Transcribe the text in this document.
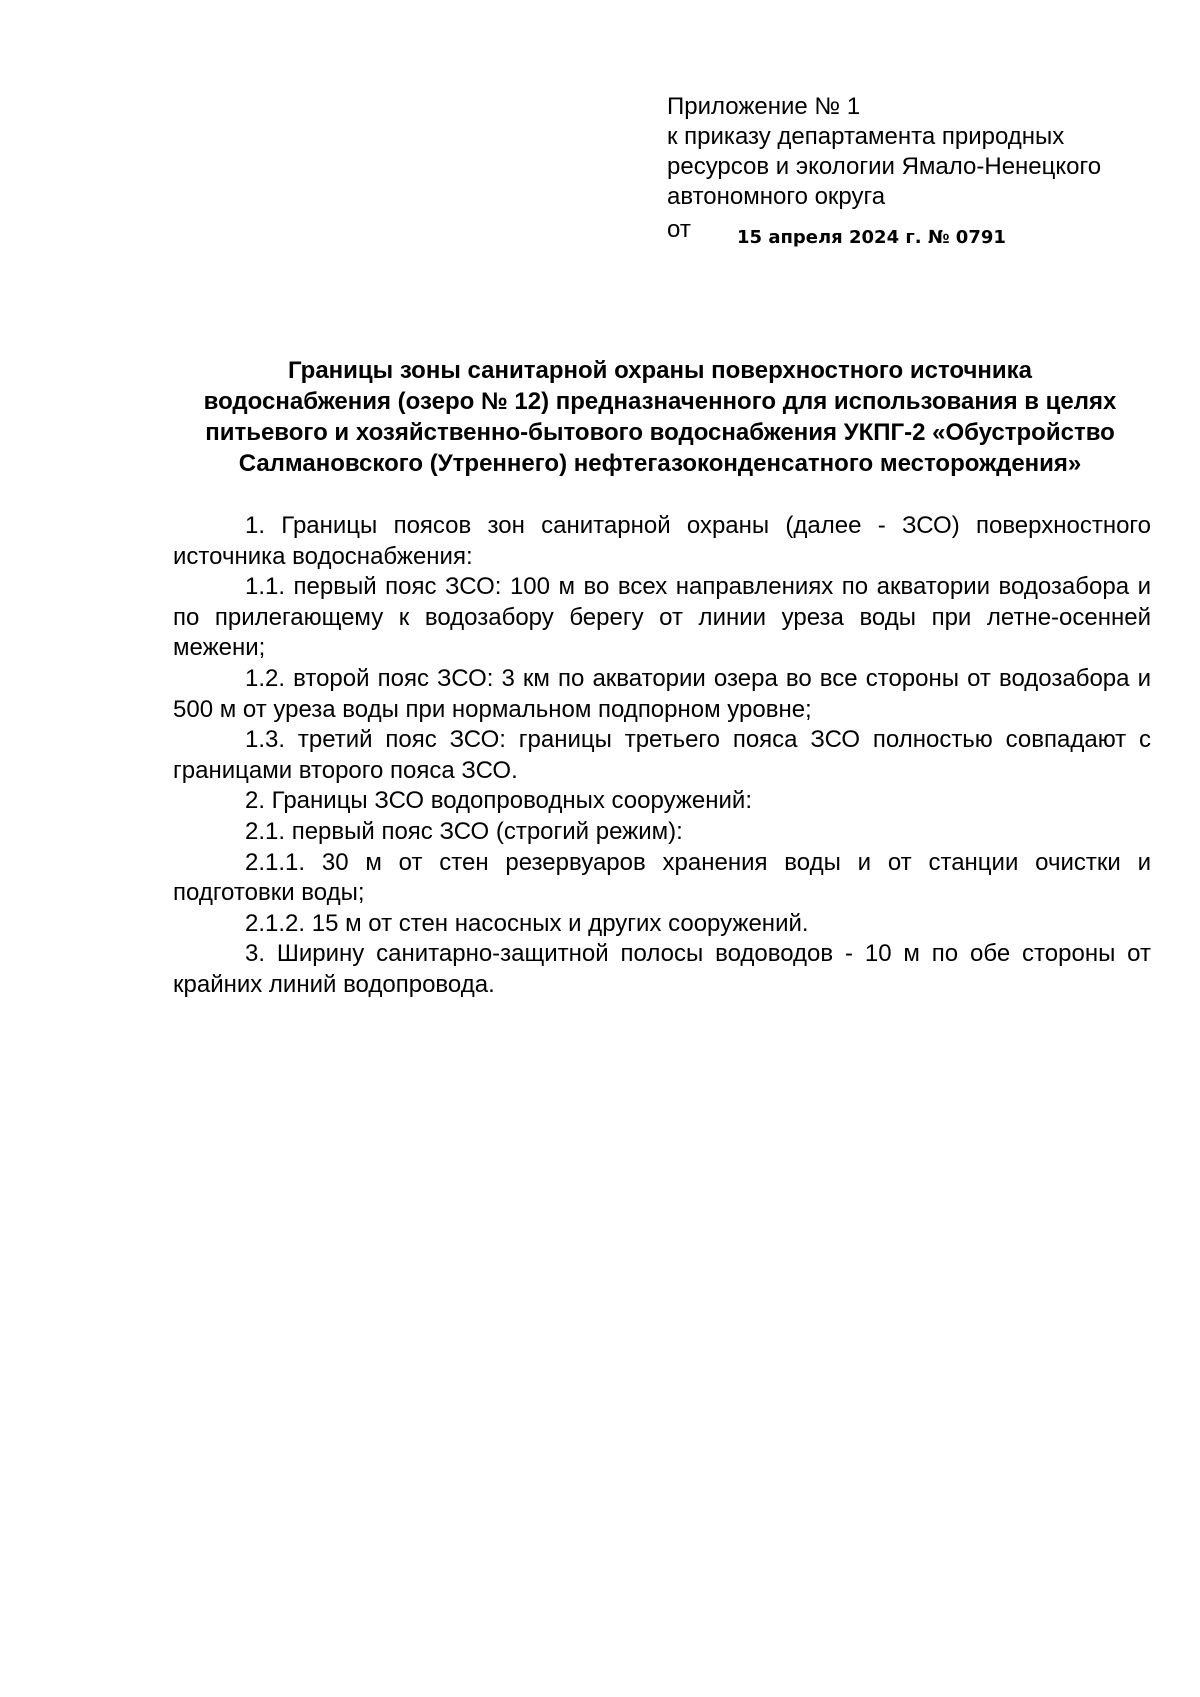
Приложение № 1
к приказу департамента природных
ресурсов и экологии Ямало-Ненецкого
автономного округа
от	15 апреля 2024 г. № 0791
Границы зоны санитарной охраны поверхностного источника
водоснабжения (озеро № 12) предназначенного для использования в целях
питьевого и хозяйственно-бытового водоснабжения УКПГ-2 «Обустройство
Салмановского (Утреннего) нефтегазоконденсатного месторождения»

1. Границы поясов зон санитарной охраны (далее - ЗСО) поверхностного источника водоснабжения:

1.1. первый пояс ЗСО: 100 м во всех направлениях по акватории водозабора и по прилегающему к водозабору берегу от линии уреза воды при летне-осенней межени;

1.2. второй пояс ЗСО: 3 км по акватории озера во все стороны от водозабора и 500 м от уреза воды при нормальном подпорном уровне;

1.3. третий пояс ЗСО: границы третьего пояса ЗСО полностью совпадают с границами второго пояса ЗСО.

2. Границы ЗСО водопроводных сооружений:

2.1. первый пояс ЗСО (строгий режим):

2.1.1. 30 м от стен резервуаров хранения воды и от станции очистки и подготовки воды;

2.1.2. 15 м от стен насосных и других сооружений.

3. Ширину санитарно-защитной полосы водоводов - 10 м по обе стороны от крайних линий водопровода.
